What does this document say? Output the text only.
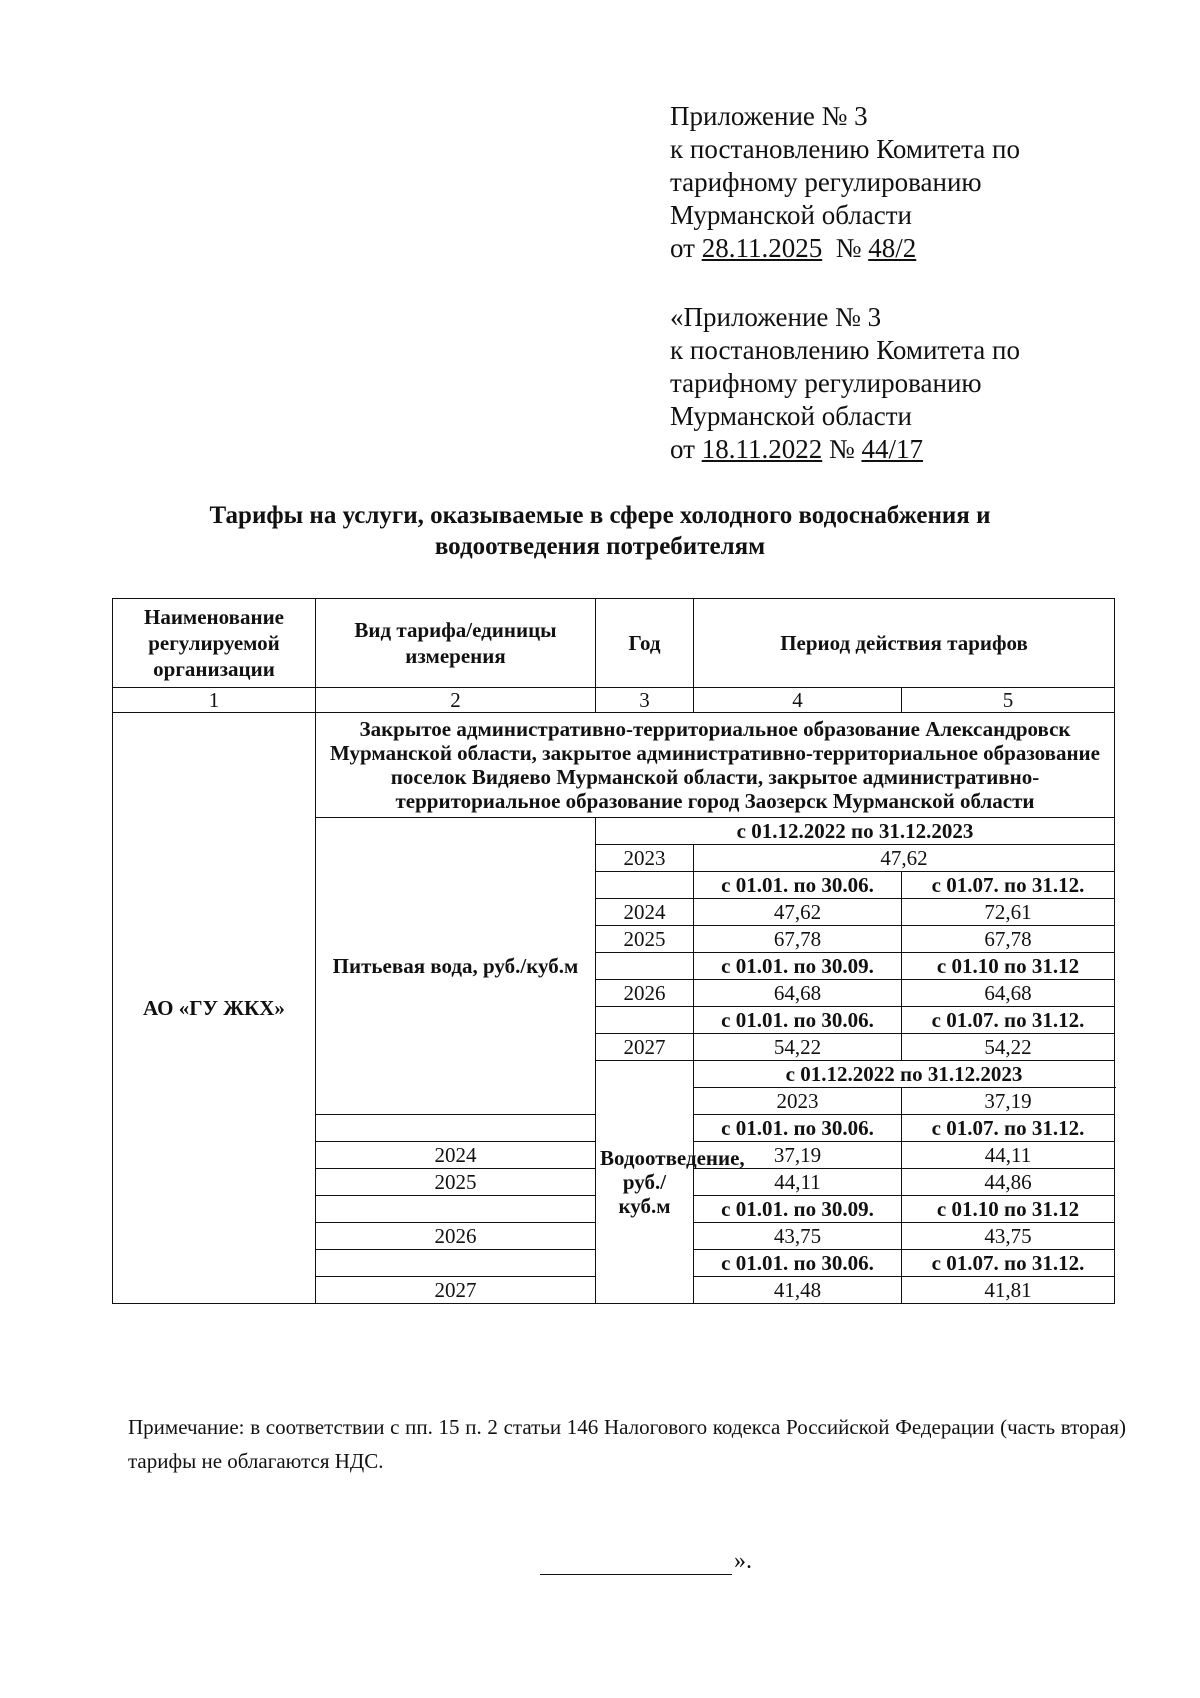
Приложение № 3
к постановлению Комитета по
тарифному регулированию
Мурманской области
от 28.11.2025 № 48/2
«Приложение № 3
к постановлению Комитета по
тарифному регулированию
Мурманской области
от 18.11.2022 № 44/17
Тарифы на услуги, оказываемые в сфере холодного водоснабжения и
водоотведения потребителям
Наименование регулируемой организации	Вид тарифа/единицы измерения	Год	Период действия тарифов	
1	2	3	4	5
АО «ГУ ЖКХ»	Закрытое административно-территориальное образование Александровск Мурманской области, закрытое административно-территориальное образование поселок Видяево Мурманской области, закрытое административно-территориальное образование город Заозерск Мурманской области			
	Питьевая вода, руб./куб.м	с 01.12.2022 по 31.12.2023		
		2023	47,62	
			с 01.01. по 30.06.	с 01.07. по 31.12.
		2024	47,62	72,61
		2025	67,78	67,78
			с 01.01. по 30.09.	с 01.10 по 31.12
		2026	64,68	64,68
			с 01.01. по 30.06.	с 01.07. по 31.12.
		2027	54,22	54,22
		Водоотведение, руб./куб.м	с 01.12.2022 по 31.12.2023	
			2023	37,19
			с 01.01. по 30.06.	с 01.07. по 31.12.
	2024		37,19	44,11
	2025		44,11	44,86
			с 01.01. по 30.09.	с 01.10 по 31.12
	2026		43,75	43,75
			с 01.01. по 30.06.	с 01.07. по 31.12.
	2027		41,48	41,81
Примечание: в соответствии с пп. 15 п. 2 статьи 146 Налогового кодекса Российской Федерации (часть вторая) тарифы не облагаются НДС.
».
